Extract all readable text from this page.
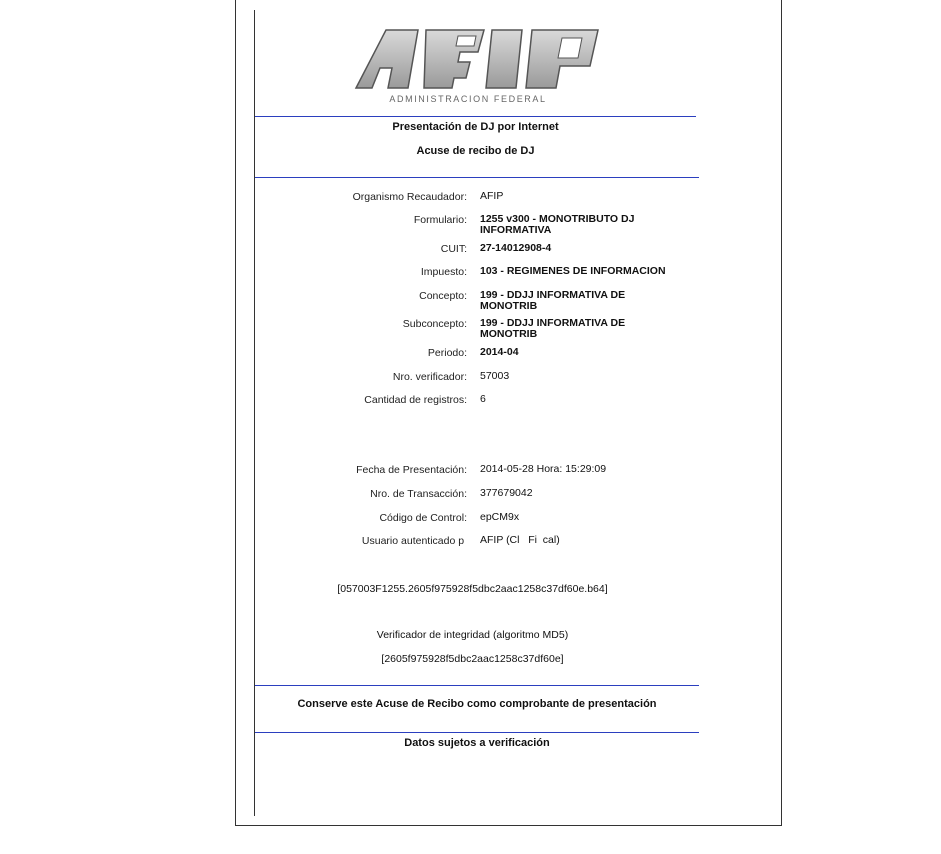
ADMINISTRACION FEDERAL
Presentación de DJ por Internet
Acuse de recibo de DJ
Organismo Recaudador: AFIP
Formulario: 1255 v300 - MONOTRIBUTO DJ INFORMATIVA
CUIT: 27-14012908-4
Impuesto: 103 - REGIMENES DE INFORMACION
Concepto: 199 - DDJJ INFORMATIVA DE MONOTRIB
Subconcepto: 199 - DDJJ INFORMATIVA DE MONOTRIB
Periodo: 2014-04
Nro. verificador: 57003
Cantidad de registros: 6
Fecha de Presentación: 2014-05-28 Hora: 15:29:09
Nro. de Transacción: 377679042
Código de Control: epCM9x
Usuario autenticado p AFIP (Cl   Fi  cal)
[057003F1255.2605f975928f5dbc2aac1258c37df60e.b64]
Verificador de integridad (algoritmo MD5)
[2605f975928f5dbc2aac1258c37df60e]
Conserve este Acuse de Recibo como comprobante de presentación
Datos sujetos a verificación
